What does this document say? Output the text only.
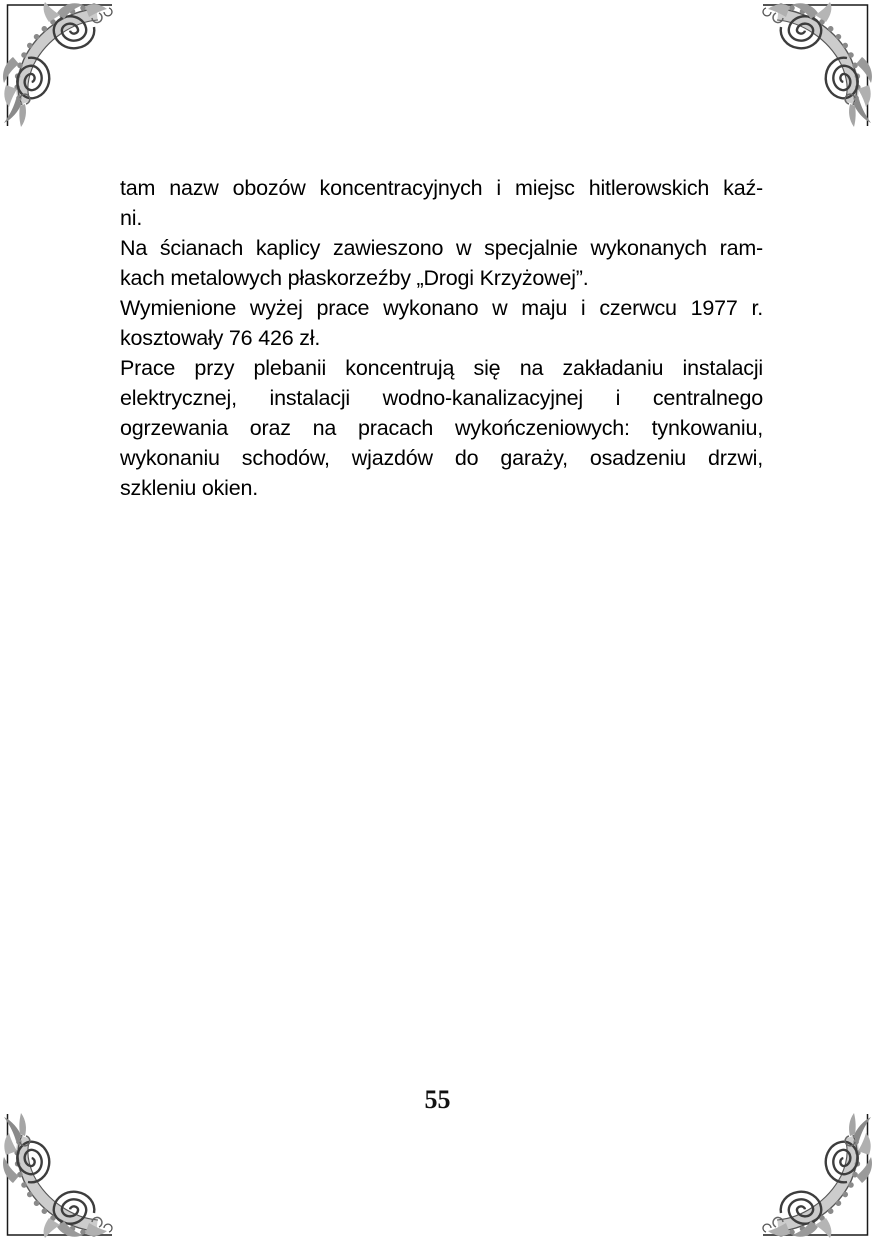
tam nazw obozów koncentracyjnych i miejsc hitlerowskich kaź-
ni.
Na ścianach kaplicy zawieszono w specjalnie wykonanych ram-
kach metalowych płaskorzeźby „Drogi Krzyżowej”.
Wymienione wyżej prace wykonano w maju i czerwcu 1977 r.
kosztowały 76 426 zł.
Prace przy plebanii koncentrują się na zakładaniu instalacji
elektrycznej, instalacji wodno-kanalizacyjnej i centralnego
ogrzewania oraz na pracach wykończeniowych: tynkowaniu,
wykonaniu schodów, wjazdów do garaży, osadzeniu drzwi,
szkleniu okien.
55
